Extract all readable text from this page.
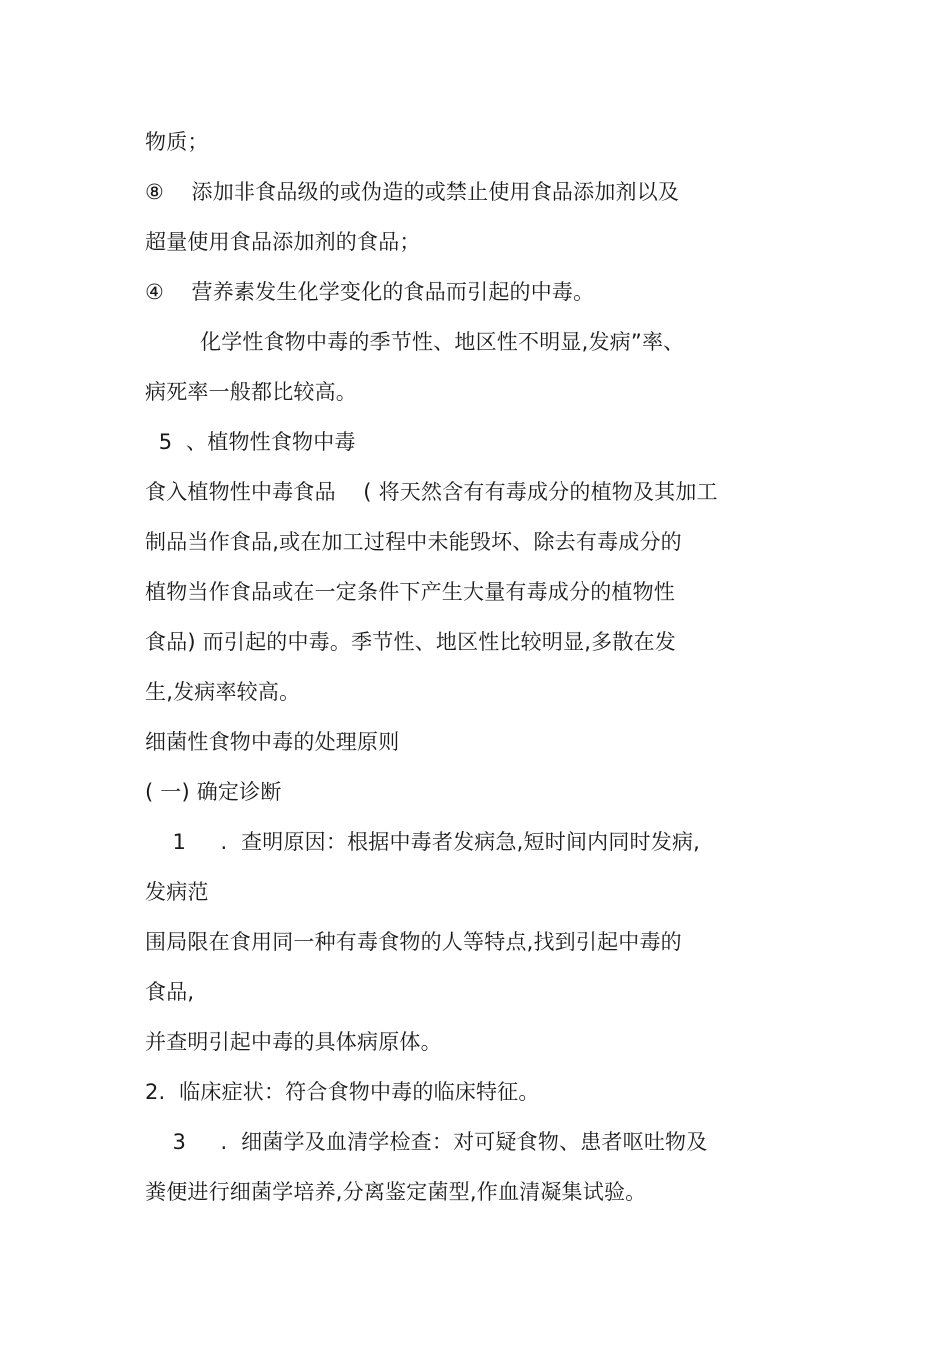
物质；
⑧    添加非食品级的或伪造的或禁止使用食品添加剂以及
超量使用食品添加剂的食品；
④    营养素发生化学变化的食品而引起的中毒。
化学性食物中毒的季节性、地区性不明显,发病”率、
病死率一般都比较高。
5  、植物性食物中毒
食入植物性中毒食品    ( 将天然含有有毒成分的植物及其加工
制品当作食品,或在加工过程中未能毁坏、除去有毒成分的
植物当作食品或在一定条件下产生大量有毒成分的植物性
食品) 而引起的中毒。季节性、地区性比较明显,多散在发
生,发病率较高。
细菌性食物中毒的处理原则
( 一) 确定诊断
1     .  查明原因：根据中毒者发病急,短时间内同时发病,
发病范
围局限在食用同一种有毒食物的人等特点,找到引起中毒的
食品,
并查明引起中毒的具体病原体。
2.  临床症状：符合食物中毒的临床特征。
3     .  细菌学及血清学检查：对可疑食物、患者呕吐物及
粪便进行细菌学培养,分离鉴定菌型,作血清凝集试验。
